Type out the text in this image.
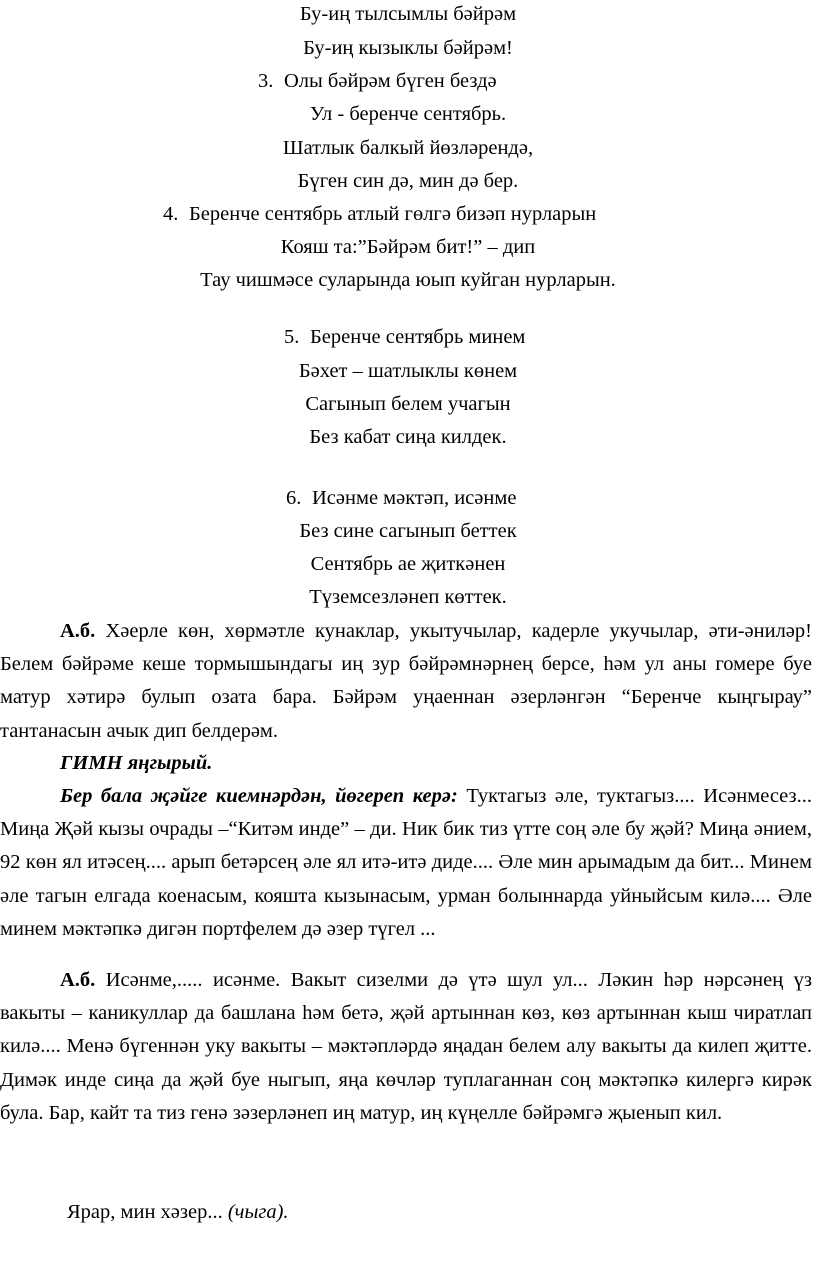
Бу-иң тылсымлы бәйрәм
Бу-иң кызыклы бәйрәм!
3. Олы бәйрәм бүген бездә
Ул - беренче сентябрь.
Шатлык балкый йөзләрендә,
Бүген син дә, мин дә бер.
4. Беренче сентябрь атлый гөлгә бизәп нурларын
Кояш та:”Бәйрәм бит!” – дип
Тау чишмәсе суларында юып куйган нурларын.
5. Беренче сентябрь минем
Бәхет – шатлыклы көнем
Сагынып белем учагын
Без кабат сиңа килдек.
6. Исәнме мәктәп, исәнме
Без сине сагынып беттек
Сентябрь ае җиткәнен
Түземсезләнеп көттек.
А.б. Хәерле көн, хөрмәтле кунаклар, укытучылар, кадерле укучылар, әти-әниләр! Белем бәйрәме кеше тормышындагы иң зур бәйрәмнәрнең берсе, һәм ул аны гомере буе матур хәтирә булып озата бара. Бәйрәм уңаеннан әзерләнгән “Беренче кыңгырау” тантанасын ачык дип белдерәм.
ГИМН яңгырый.
Бер бала җәйге киемнәрдән, йөгереп керә: Туктагыз әле, туктагыз.... Исәнмесез... Миңа Җәй кызы очрады –“Китәм инде” – ди. Ник бик тиз үтте соң әле бу җәй? Миңа әнием, 92 көн ял итәсең.... арып бетәрсең әле ял итә-итә диде.... Әле мин арымадым да бит... Минем әле тагын елгада коенасым, кояшта кызынасым, урман болыннарда уйныйсым килә.... Әле минем мәктәпкә дигән портфелем дә әзер түгел ...
А.б. Исәнме,..... исәнме. Вакыт сизелми дә үтә шул ул... Ләкин һәр нәрсәнең үз вакыты – каникуллар да башлана һәм бетә, җәй артыннан көз, көз артыннан кыш чиратлап килә.... Менә бүгеннән уку вакыты – мәктәпләрдә яңадан белем алу вакыты да килеп җитте. Димәк инде сиңа да җәй буе ныгып, яңа көчләр туплаганнан соң мәктәпкә килергә кирәк була. Бар, кайт та тиз генә зәзерләнеп иң матур, иң күңелле бәйрәмгә җыенып кил.
Ярар, мин хәзер... (чыга).
